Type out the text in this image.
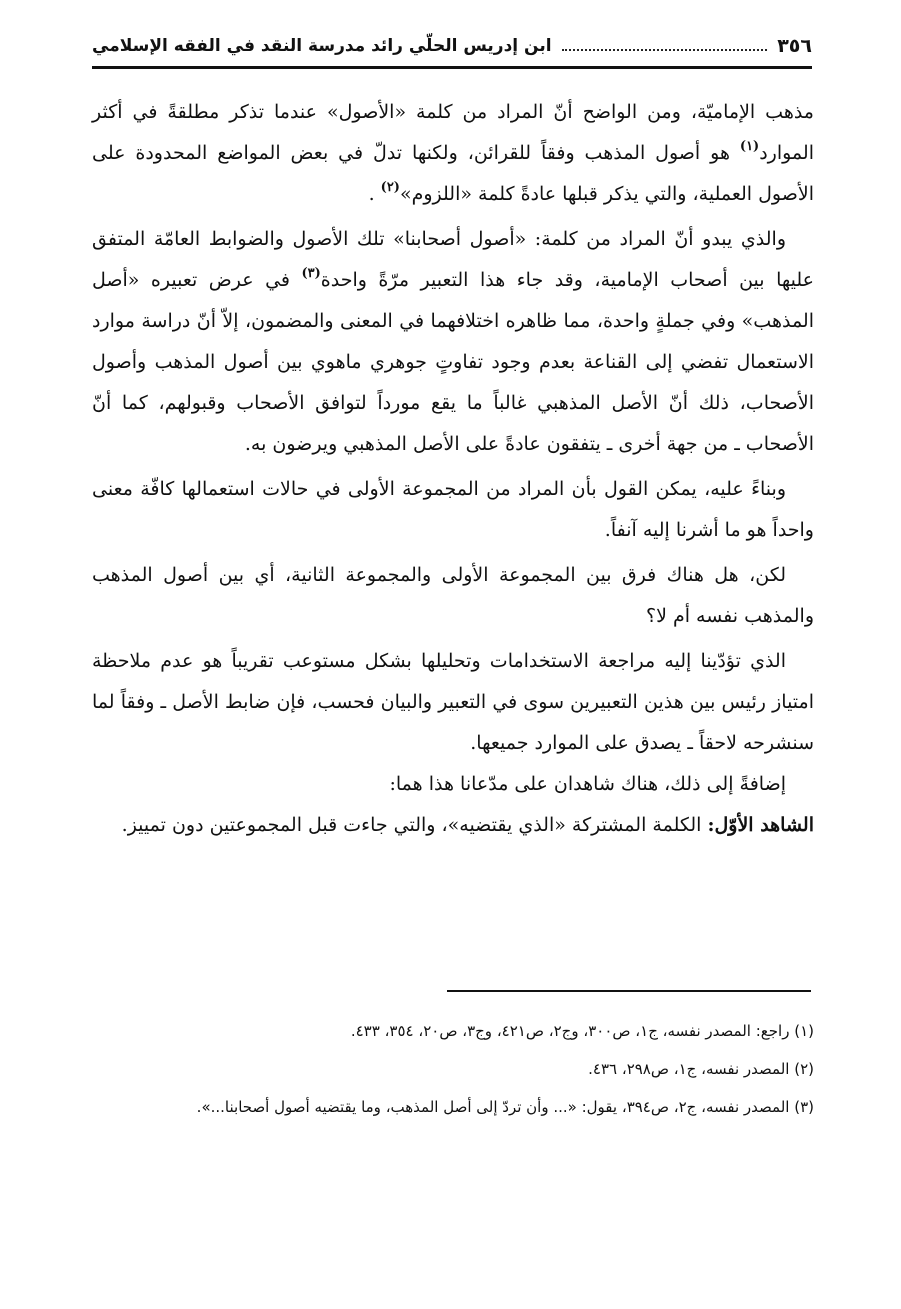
٣٥٦
ابن إدريس الحلّي رائد مدرسة النقد في الفقه الإسلامي

مذهب الإماميّة، ومن الواضح أنّ المراد من كلمة «الأصول» عندما تذكر مطلقةً في أكثر الموارد$^{(١)}$ هو أصول المذهب وفقاً للقرائن، ولكنها تدلّ في بعض المواضع المحدودة على الأصول العملية، والتي يذكر قبلها عادةً كلمة «اللزوم»$^{(٢)}$ .

والذي يبدو أنّ المراد من كلمة: «أصول أصحابنا» تلك الأصول والضوابط العامّة المتفق عليها بين أصحاب الإمامية، وقد جاء هذا التعبير مرّةً واحدة$^{(٣)}$ في عرض تعبيره «أصل المذهب» وفي جملةٍ واحدة، مما ظاهره اختلافهما في المعنى والمضمون، إلاّ أنّ دراسة موارد الاستعمال تفضي إلى القناعة بعدم وجود تفاوتٍ جوهري ماهوي بين أصول المذهب وأصول الأصحاب، ذلك أنّ الأصل المذهبي غالباً ما يقع مورداً لتوافق الأصحاب وقبولهم، كما أنّ الأصحاب ـ من جهة أخرى ـ يتفقون عادةً على الأصل المذهبي ويرضون به.

وبناءً عليه، يمكن القول بأن المراد من المجموعة الأولى في حالات استعمالها كافّة معنى واحداً هو ما أشرنا إليه آنفاً.

لكن، هل هناك فرق بين المجموعة الأولى والمجموعة الثانية، أي بين أصول المذهب والمذهب نفسه أم لا؟

الذي تؤدّينا إليه مراجعة الاستخدامات وتحليلها بشكل مستوعب تقريباً هو عدم ملاحظة امتياز رئيس بين هذين التعبيرين سوى في التعبير والبيان فحسب، فإن ضابط الأصل ـ وفقاً لما سنشرحه لاحقاً ـ يصدق على الموارد جميعها.

إضافةً إلى ذلك، هناك شاهدان على مدّعانا هذا هما:

الشاهد الأوّل: الكلمة المشتركة «الذي يقتضيه»، والتي جاءت قبل المجموعتين دون تمييز.

(١) راجع: المصدر نفسه، ج١، ص٣٠٠، وج٢، ص٤٢١، وج٣، ص٢٠، ٣٥٤، ٤٣٣.

(٢) المصدر نفسه، ج١، ص٢٩٨، ٤٣٦.

(٣) المصدر نفسه، ج٢، ص٣٩٤، يقول: «... وأن تردّ إلى أصل المذهب، وما يقتضيه أصول أصحابنا...».
